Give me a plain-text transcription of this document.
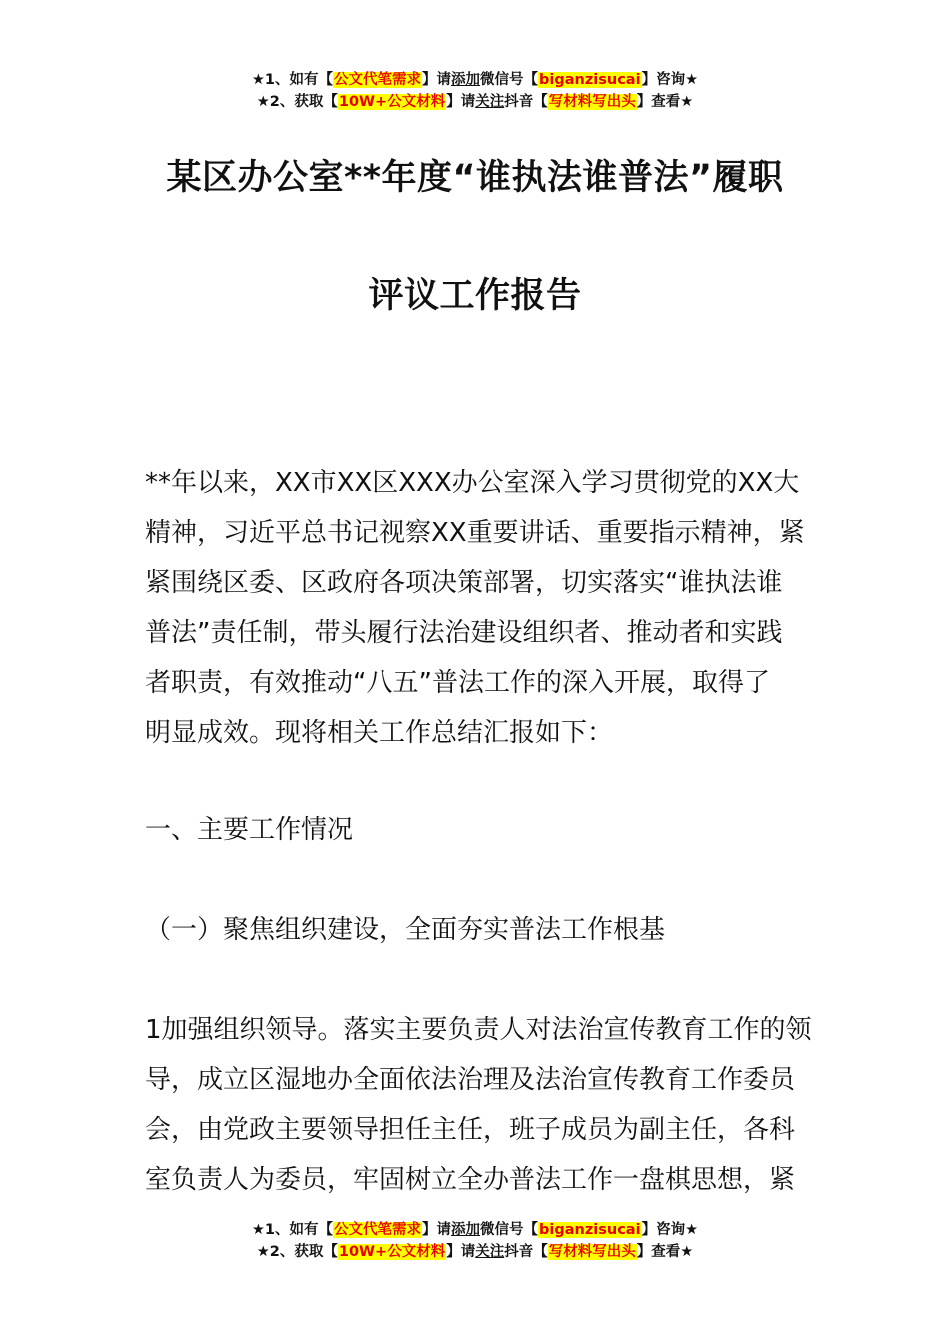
★1、如有【公文代笔需求】请添加微信号【biganzisucai】咨询★
★2、获取【10W+公文材料】请关注抖音【写材料写出头】查看★
某区办公室**年度“谁执法谁普法”履职
评议工作报告
**年以来，XX市XX区XXX办公室深入学习贯彻党的XX大
精神，习近平总书记视察XX重要讲话、重要指示精神，紧
紧围绕区委、区政府各项决策部署，切实落实“谁执法谁
普法”责任制，带头履行法治建设组织者、推动者和实践
者职责，有效推动“八五”普法工作的深入开展，取得了
明显成效。现将相关工作总结汇报如下：
一、主要工作情况
（一）聚焦组织建设，全面夯实普法工作根基
1加强组织领导。落实主要负责人对法治宣传教育工作的领
导，成立区湿地办全面依法治理及法治宣传教育工作委员
会，由党政主要领导担任主任，班子成员为副主任，各科
室负责人为委员，牢固树立全办普法工作一盘棋思想，紧
★1、如有【公文代笔需求】请添加微信号【biganzisucai】咨询★
★2、获取【10W+公文材料】请关注抖音【写材料写出头】查看★
